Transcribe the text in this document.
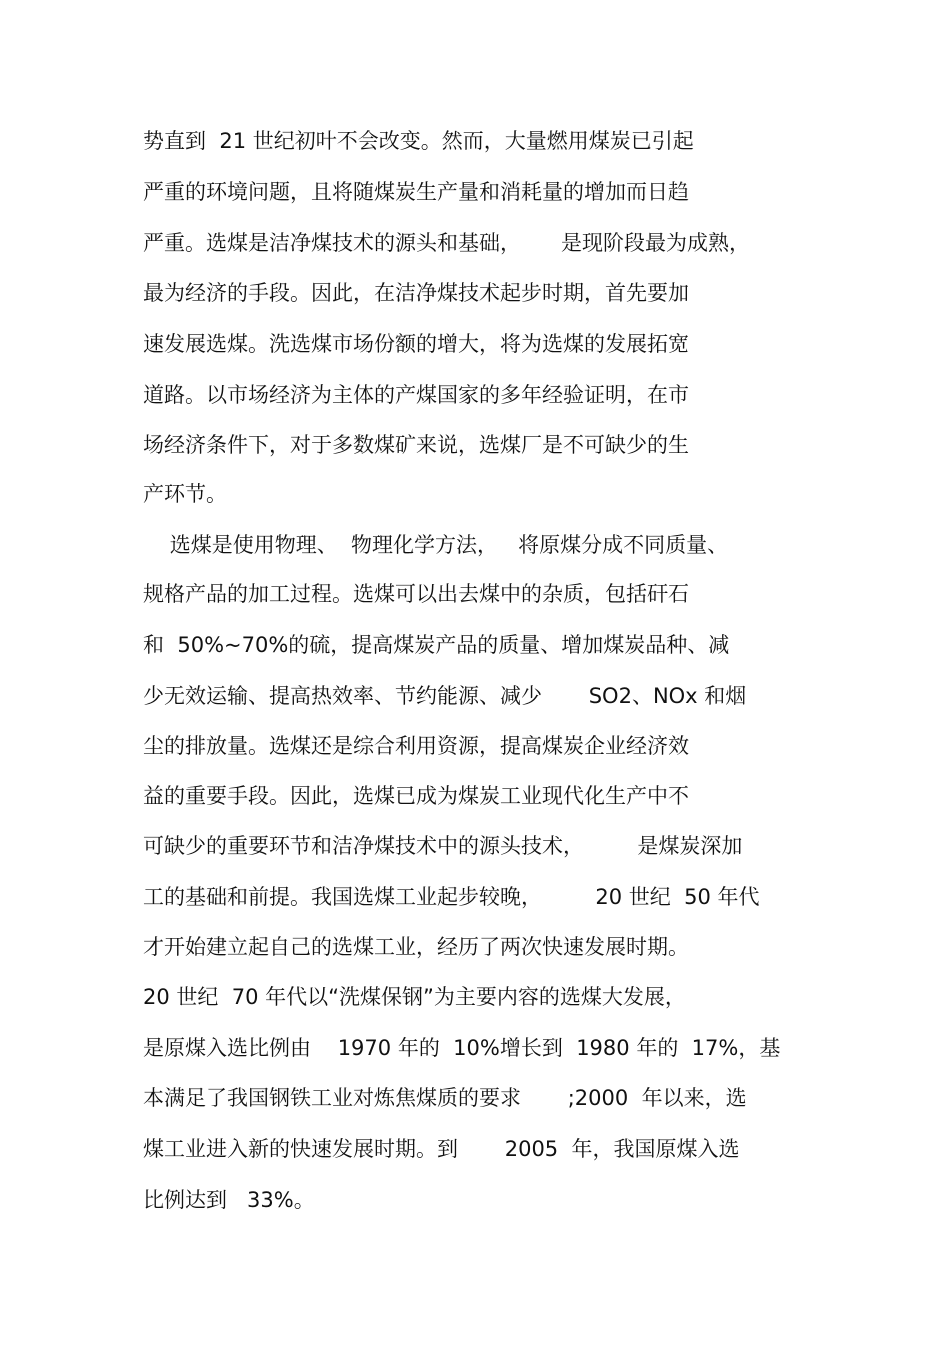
势直到  21 世纪初叶不会改变。然而，大量燃用煤炭已引起
严重的环境问题，且将随煤炭生产量和消耗量的增加而日趋
严重。选煤是洁净煤技术的源头和基础，      是现阶段最为成熟，
最为经济的手段。因此，在洁净煤技术起步时期，首先要加
速发展选煤。洗选煤市场份额的增大，将为选煤的发展拓宽
道路。以市场经济为主体的产煤国家的多年经验证明，在市
场经济条件下，对于多数煤矿来说，选煤厂是不可缺少的生
产环节。
选煤是使用物理、  物理化学方法，   将原煤分成不同质量、
规格产品的加工过程。选煤可以出去煤中的杂质，包括矸石
和  50%~70%的硫，提高煤炭产品的质量、增加煤炭品种、减
少无效运输、提高热效率、节约能源、减少       SO2、NOx 和烟
尘的排放量。选煤还是综合利用资源，提高煤炭企业经济效
益的重要手段。因此，选煤已成为煤炭工业现代化生产中不
可缺少的重要环节和洁净煤技术中的源头技术，        是煤炭深加
工的基础和前提。我国选煤工业起步较晚，        20 世纪  50 年代
才开始建立起自己的选煤工业，经历了两次快速发展时期。
20 世纪  70 年代以“洗煤保钢”为主要内容的选煤大发展，
是原煤入选比例由    1970 年的  10%增长到  1980 年的  17%，基
本满足了我国钢铁工业对炼焦煤质的要求       ;2000  年以来，选
煤工业进入新的快速发展时期。到       2005  年，我国原煤入选
比例达到   33%。
